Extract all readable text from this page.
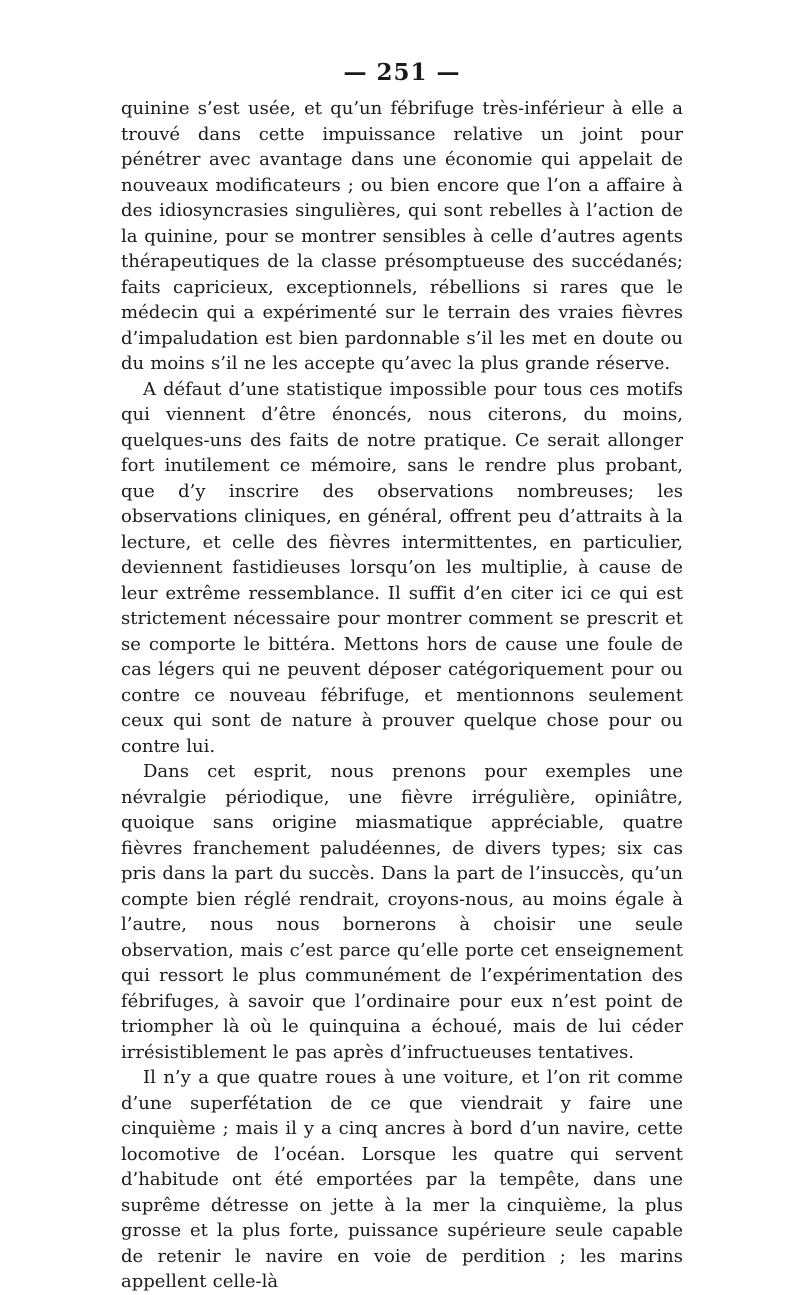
— 251 —

quinine s’est usée, et qu’un fébrifuge très-inférieur à elle a trouvé dans cette impuissance relative un joint pour pénétrer avec avantage dans une économie qui appelait de nouveaux modificateurs ; ou bien encore que l’on a affaire à des idiosyncrasies singulières, qui sont rebelles à l’action de la quinine, pour se montrer sensibles à celle d’autres agents thérapeutiques de la classe présomptueuse des succédanés; faits capricieux, exceptionnels, rébellions si rares que le médecin qui a expérimenté sur le terrain des vraies fièvres d’impaludation est bien pardonnable s’il les met en doute ou du moins s’il ne les accepte qu’avec la plus grande réserve.

A défaut d’une statistique impossible pour tous ces motifs qui viennent d’être énoncés, nous citerons, du moins, quelques-uns des faits de notre pratique. Ce serait allonger fort inutilement ce mémoire, sans le rendre plus probant, que d’y inscrire des observations nombreuses; les observations cliniques, en général, offrent peu d’attraits à la lecture, et celle des fièvres intermittentes, en particulier, deviennent fastidieuses lorsqu’on les multiplie, à cause de leur extrême ressemblance. Il suffit d’en citer ici ce qui est strictement nécessaire pour montrer comment se prescrit et se comporte le bittéra. Mettons hors de cause une foule de cas légers qui ne peuvent déposer catégoriquement pour ou contre ce nouveau fébrifuge, et mentionnons seulement ceux qui sont de nature à prouver quelque chose pour ou contre lui.

Dans cet esprit, nous prenons pour exemples une névralgie périodique, une fièvre irrégulière, opiniâtre, quoique sans origine miasmatique appréciable, quatre fièvres franchement paludéennes, de divers types; six cas pris dans la part du succès. Dans la part de l’insuccès, qu’un compte bien réglé rendrait, croyons-nous, au moins égale à l’autre, nous nous bornerons à choisir une seule observation, mais c’est parce qu’elle porte cet enseignement qui ressort le plus communément de l’expérimentation des fébrifuges, à savoir que l’ordinaire pour eux n’est point de triompher là où le quinquina a échoué, mais de lui céder irrésistiblement le pas après d’infructueuses tentatives.

Il n’y a que quatre roues à une voiture, et l’on rit comme d’une superfétation de ce que viendrait y faire une cinquième ; mais il y a cinq ancres à bord d’un navire, cette locomotive de l’océan. Lorsque les quatre qui servent d’habitude ont été emportées par la tempête, dans une suprême détresse on jette à la mer la cinquième, la plus grosse et la plus forte, puissance supérieure seule capable de retenir le navire en voie de perdition ; les marins appellent celle-là
